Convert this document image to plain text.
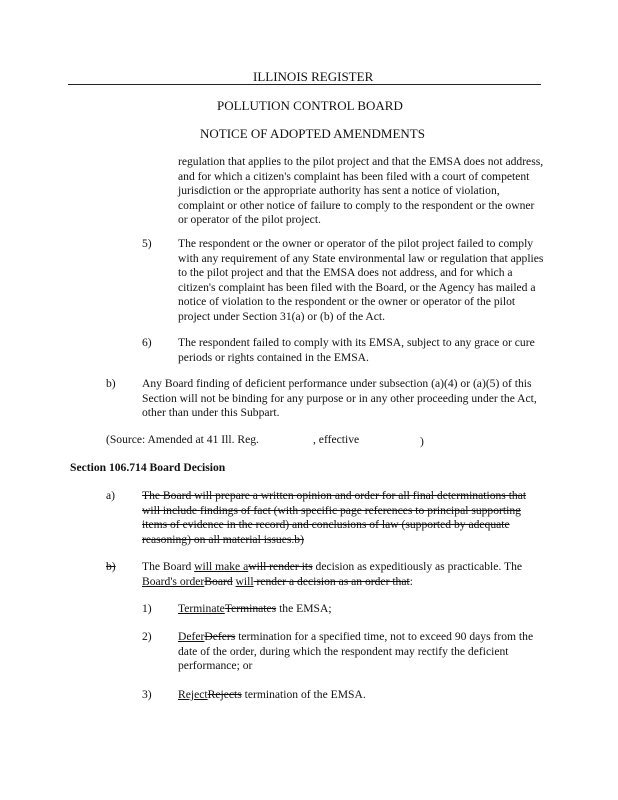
ILLINOIS REGISTER
POLLUTION CONTROL BOARD
NOTICE OF ADOPTED AMENDMENTS
regulation that applies to the pilot project and that the EMSA does not address, and for which a citizen's complaint has been filed with a court of competent jurisdiction or the appropriate authority has sent a notice of violation, complaint or other notice of failure to comply to the respondent or the owner or operator of the pilot project.
5) The respondent or the owner or operator of the pilot project failed to comply with any requirement of any State environmental law or regulation that applies to the pilot project and that the EMSA does not address, and for which a citizen's complaint has been filed with the Board, or the Agency has mailed a notice of violation to the respondent or the owner or operator of the pilot project under Section 31(a) or (b) of the Act.
6) The respondent failed to comply with its EMSA, subject to any grace or cure periods or rights contained in the EMSA.
b) Any Board finding of deficient performance under subsection (a)(4) or (a)(5) of this Section will not be binding for any purpose or in any other proceeding under the Act, other than under this Subpart.
(Source: Amended at 41 Ill. Reg.	, effective	)
Section 106.714 Board Decision
a) The Board will prepare a written opinion and order for all final determinations that will include findings of fact (with specific page references to principal supporting items of evidence in the record) and conclusions of law (supported by adequate reasoning) on all material issues.b)
b) The Board will make awill render its decision as expeditiously as practicable. The Board's orderBoard will render a decision as an order that:
1) TerminateTerminates the EMSA;
2) DeferDefers termination for a specified time, not to exceed 90 days from the date of the order, during which the respondent may rectify the deficient performance; or
3) RejectRejects termination of the EMSA.
